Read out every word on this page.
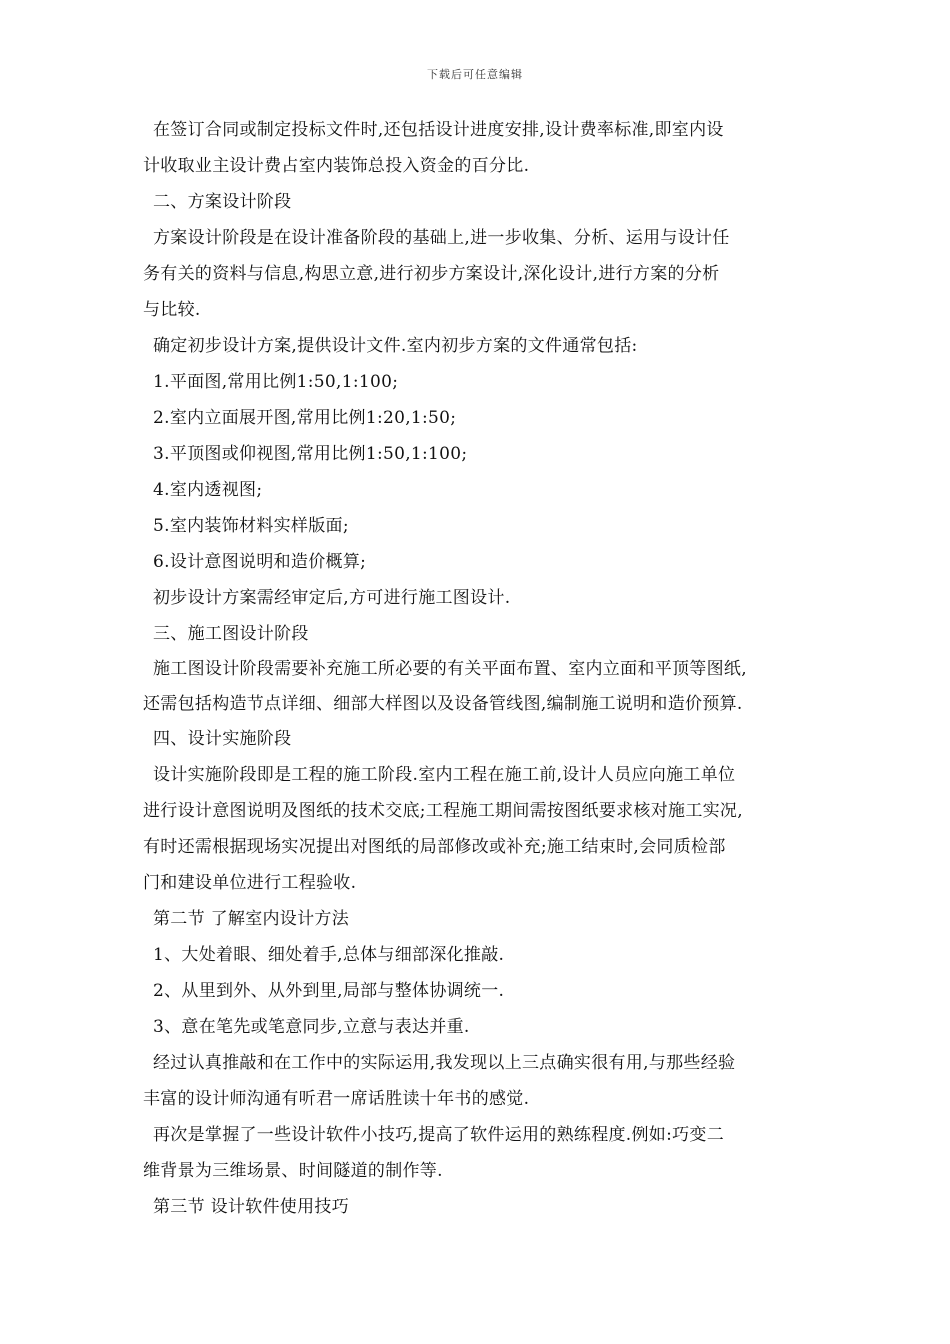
下载后可任意编辑
在签订合同或制定投标文件时,还包括设计进度安排,设计费率标准,即室内设
计收取业主设计费占室内装饰总投入资金的百分比.
二、方案设计阶段
方案设计阶段是在设计准备阶段的基础上,进一步收集、分析、运用与设计任
务有关的资料与信息,构思立意,进行初步方案设计,深化设计,进行方案的分析
与比较.
确定初步设计方案,提供设计文件.室内初步方案的文件通常包括:
1.平面图,常用比例1:50,1:100;
2.室内立面展开图,常用比例1:20,1:50;
3.平顶图或仰视图,常用比例1:50,1:100;
4.室内透视图;
5.室内装饰材料实样版面;
6.设计意图说明和造价概算;
初步设计方案需经审定后,方可进行施工图设计.
三、施工图设计阶段
施工图设计阶段需要补充施工所必要的有关平面布置、室内立面和平顶等图纸,
还需包括构造节点详细、细部大样图以及设备管线图,编制施工说明和造价预算.
四、设计实施阶段
设计实施阶段即是工程的施工阶段.室内工程在施工前,设计人员应向施工单位
进行设计意图说明及图纸的技术交底;工程施工期间需按图纸要求核对施工实况,
有时还需根据现场实况提出对图纸的局部修改或补充;施工结束时,会同质检部
门和建设单位进行工程验收.
第二节 了解室内设计方法
1、大处着眼、细处着手,总体与细部深化推敲.
2、从里到外、从外到里,局部与整体协调统一.
3、意在笔先或笔意同步,立意与表达并重.
经过认真推敲和在工作中的实际运用,我发现以上三点确实很有用,与那些经验
丰富的设计师沟通有听君一席话胜读十年书的感觉.
再次是掌握了一些设计软件小技巧,提高了软件运用的熟练程度.例如:巧变二
维背景为三维场景、时间隧道的制作等.
第三节 设计软件使用技巧
